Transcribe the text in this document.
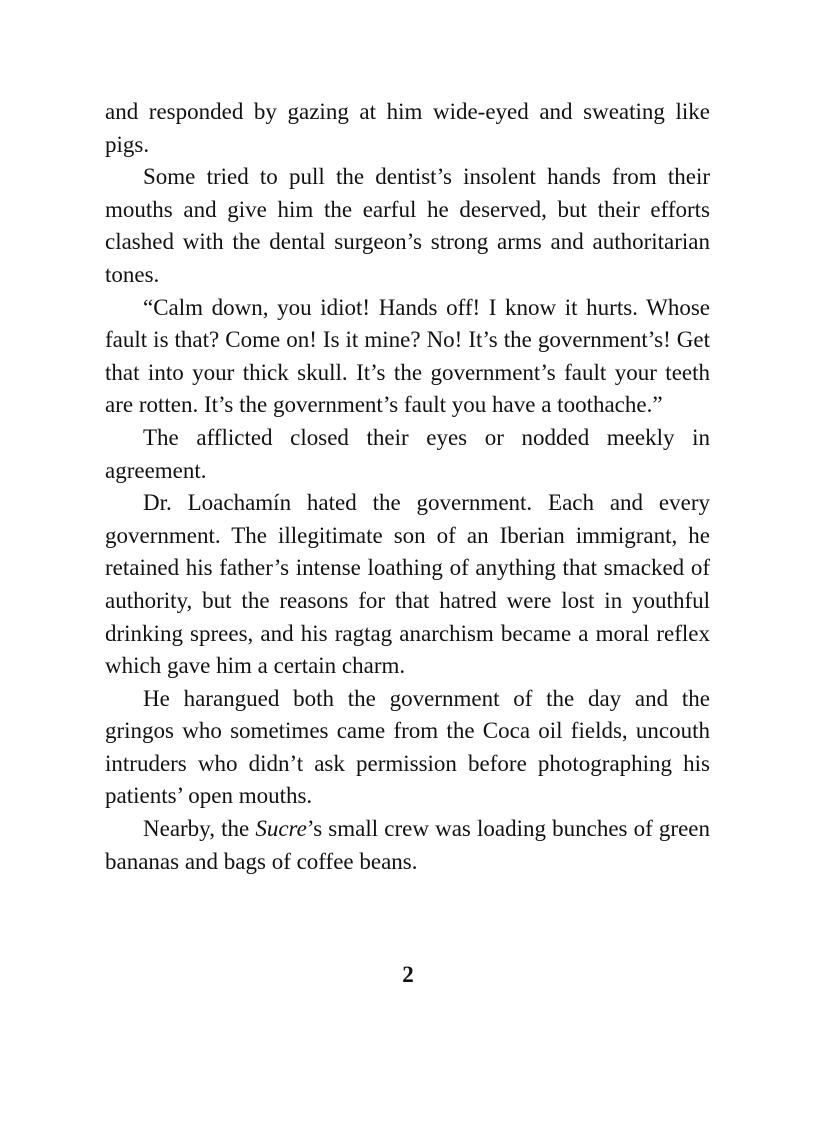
and responded by gazing at him wide-eyed and sweating like pigs.

Some tried to pull the dentist’s insolent hands from their mouths and give him the earful he deserved, but their efforts clashed with the dental surgeon’s strong arms and authoritarian tones.

“Calm down, you idiot! Hands off! I know it hurts. Whose fault is that? Come on! Is it mine? No! It’s the government’s! Get that into your thick skull. It’s the government’s fault your teeth are rotten. It’s the government’s fault you have a toothache.”

The afflicted closed their eyes or nodded meekly in agreement.

Dr. Loachamín hated the government. Each and every government. The illegitimate son of an Iberian immigrant, he retained his father’s intense loathing of anything that smacked of authority, but the reasons for that hatred were lost in youthful drinking sprees, and his ragtag anarchism became a moral reflex which gave him a certain charm.

He harangued both the government of the day and the gringos who sometimes came from the Coca oil fields, uncouth intruders who didn’t ask permission before photographing his patients’ open mouths.

Nearby, the Sucre’s small crew was loading bunches of green bananas and bags of coffee beans.

2
